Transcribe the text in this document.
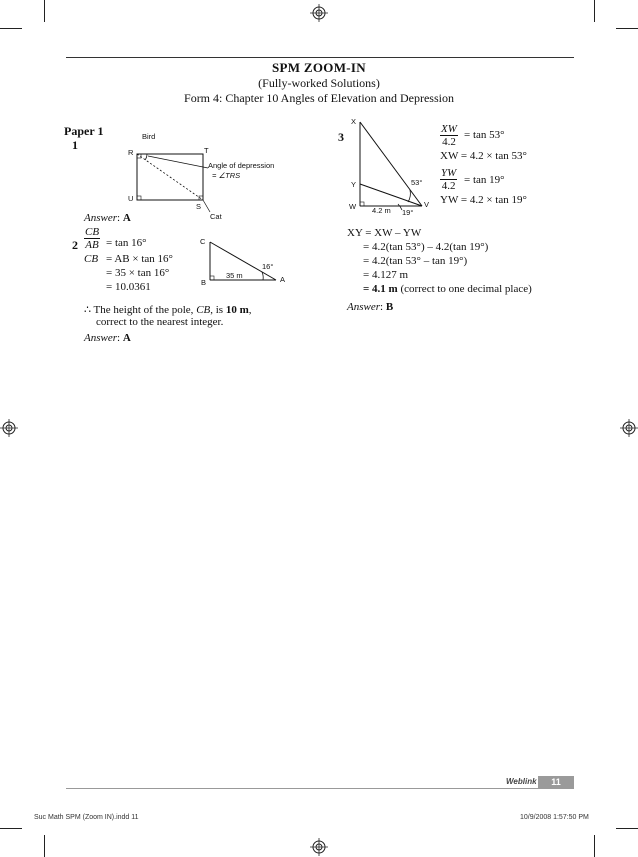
SPM ZOOM-IN
(Fully-worked Solutions)
Form 4: Chapter 10 Angles of Elevation and Depression
Paper 1
1
Bird
R	T
U
S
Cat
Angle of depression
= ∠TRS
Answer: A
$2 \frac{CB}{AB} = \tan 16^\circ$
CB = AB × tan 16°
= 35 × tan 16°
= 10.0361
C
B	A
35 m
16°
∴ The height of the pole, CB, is 10 m,
correct to the nearest integer.
Answer: A
3
X
Y
W	V
4.2 m
53°
19°
$\frac{XW}{4.2} = \tan 53^\circ$
XW = 4.2 × tan 53°
$\frac{YW}{4.2} = \tan 19^\circ$
YW = 4.2 × tan 19°
XY = XW – YW
= 4.2(tan 53°) – 4.2(tan 19°)
= 4.2(tan 53° – tan 19°)
= 4.127 m
= 4.1 m (correct to one decimal place)
Answer: B
Weblink	11
Suc Math SPM (Zoom IN).indd 11	10/9/2008 1:57:50 PM
